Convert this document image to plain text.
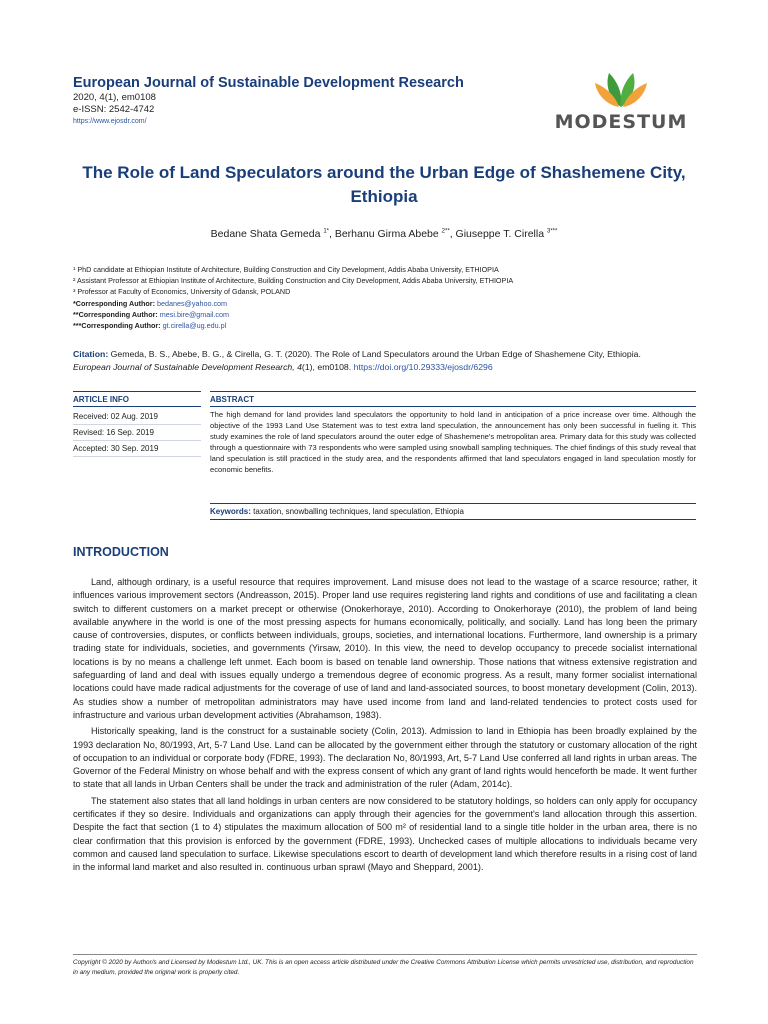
European Journal of Sustainable Development Research
2020, 4(1), em0108
e-ISSN: 2542-4742
https://www.ejosdr.com/	MODESTUM
The Role of Land Speculators around the Urban Edge of Shashemene City, Ethiopia
Bedane Shata Gemeda $^{1*}$, Berhanu Girma Abebe $^{2**}$, Giuseppe T. Cirella $^{3***}$
¹ PhD candidate at Ethiopian Institute of Architecture, Building Construction and City Development, Addis Ababa University, ETHIOPIA
² Assistant Professor at Ethiopian Institute of Architecture, Building Construction and City Development, Addis Ababa University, ETHIOPIA
³ Professor at Faculty of Economics, University of Gdansk, POLAND
*Corresponding Author: bedanes@yahoo.com
**Corresponding Author: mesi.bire@gmail.com
***Corresponding Author: gt.cirella@ug.edu.pl
Citation: Gemeda, B. S., Abebe, B. G., & Cirella, G. T. (2020). The Role of Land Speculators around the Urban Edge of Shashemene City, Ethiopia.
European Journal of Sustainable Development Research, 4(1), em0108. https://doi.org/10.29333/ejosdr/6296
ARTICLE INFO	ABSTRACT
Received: 02 Aug. 2019
Revised: 16 Sep. 2019
Accepted: 30 Sep. 2019
The high demand for land provides land speculators the opportunity to hold land in anticipation of a price increase over time. Although the objective of the 1993 Land Use Statement was to test extra land speculation, the announcement has only been successful in fueling it. This study examines the role of land speculators around the outer edge of Shashemene's metropolitan area. Primary data for this study was collected through a questionnaire with 73 respondents who were sampled using snowball sampling techniques. The chief findings of this study reveal that land speculation is still practiced in the study area, and the respondents affirmed that land speculators engaged in land speculation mostly for economic benefits.
Keywords: taxation, snowballing techniques, land speculation, Ethiopia
INTRODUCTION

Land, although ordinary, is a useful resource that requires improvement. Land misuse does not lead to the wastage of a scarce resource; rather, it influences various improvement sectors (Andreasson, 2015). Proper land use requires registering land rights and conditions of use and facilitating a clean switch to different customers on a market precept or otherwise (Onokerhoraye, 2010). According to Onokerhoraye (2010), the problem of land being available anywhere in the world is one of the most pressing aspects for humans economically, politically, and socially. Land has long been the primary cause of controversies, disputes, or conflicts between individuals, groups, societies, and international locations. Furthermore, land ownership is a primary trading state for individuals, societies, and governments (Yirsaw, 2010). In this view, the need to develop occupancy to precede socialist international locations is by no means a challenge left unmet. Each boom is based on tenable land ownership. Those nations that witness extensive registration and safeguarding of land and deal with issues equally undergo a tremendous degree of economic progress. As a result, many former socialist international locations could have made radical adjustments for the coverage of use of land and land-associated sources, to boost monetary development (Colin, 2013). As studies show a number of metropolitan administrators may have used income from land and land-related tendencies to protect costs used for infrastructure and various urban development activities (Abrahamson, 1983).

Historically speaking, land is the construct for a sustainable society (Colin, 2013). Admission to land in Ethiopia has been broadly explained by the 1993 declaration No, 80/1993, Art, 5-7 Land Use. Land can be allocated by the government either through the statutory or customary allocation of the right of occupation to an individual or corporate body (FDRE, 1993). The declaration No, 80/1993, Art, 5-7 Land Use conferred all land rights in urban areas. The Governor of the Federal Ministry on whose behalf and with the express consent of which any grant of land rights would henceforth be made. It went further to state that all lands in Urban Centers shall be under the track and administration of the ruler (Adam, 2014c).

The statement also states that all land holdings in urban centers are now considered to be statutory holdings, so holders can only apply for occupancy certificates if they so desire. Individuals and organizations can apply through their agencies for the government's land allocation through this assertion. Despite the fact that section (1 to 4) stipulates the maximum allocation of 500 m² of residential land to a single title holder in the urban area, there is no clear confirmation that this provision is enforced by the government (FDRE, 1993). Unchecked cases of multiple allocations to individuals became very common and caused land speculation to surface. Likewise speculations escort to dearth of development land which therefore results in a rising cost of land in the informal land market and also resulted in. continuous urban sprawl (Mayo and Sheppard, 2001).

Copyright © 2020 by Author/s and Licensed by Modestum Ltd., UK. This is an open access article distributed under the Creative Commons Attribution License which permits unrestricted use, distribution, and reproduction in any medium, provided the original work is properly cited.
